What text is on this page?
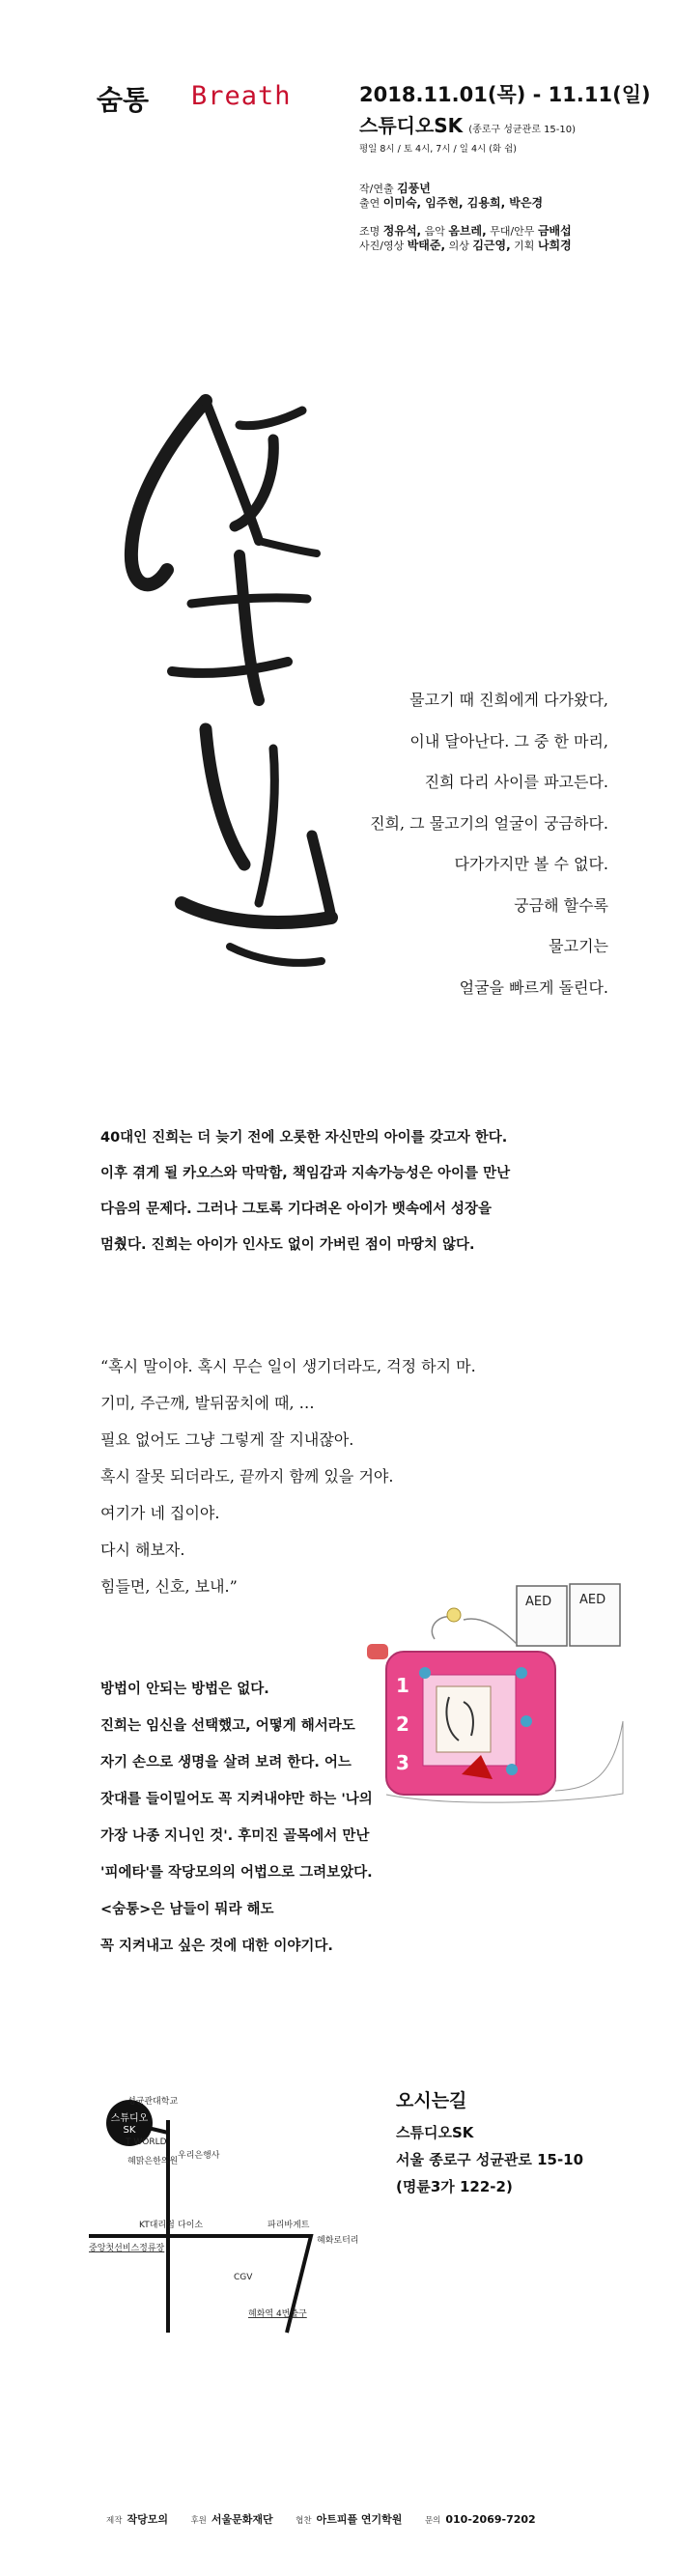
숨통 Breath	2018.11.01(목) - 11.11(일)
스튜디오SK (종로구 성균관로 15-10)
평일 8시 / 토 4시, 7시 / 일 4시 (화 쉼)
작/연출 김풍년
출연 이미숙, 임주현, 김용희, 박은경
조명 정유석, 음악 옴브레, 무대/안무 금배섭
사진/영상 박태준, 의상 김근영, 기획 나희경
물고기 때 진희에게 다가왔다,
이내 달아난다. 그 중 한 마리,
진희 다리 사이를 파고든다.
진희, 그 물고기의 얼굴이 궁금하다.
다가가지만 볼 수 없다.
궁금해 할수록
물고기는
얼굴을 빠르게 돌린다.
40대인 진희는 더 늦기 전에 오롯한 자신만의 아이를 갖고자 한다.
이후 겪게 될 카오스와 막막함, 책임감과 지속가능성은 아이를 만난
다음의 문제다. 그러나 그토록 기다려온 아이가 뱃속에서 성장을
멈췄다. 진희는 아이가 인사도 없이 가버린 점이 마땅치 않다.
“혹시 말이야. 혹시 무슨 일이 생기더라도, 걱정 하지 마.
기미, 주근깨, 발뒤꿈치에 때, …
필요 없어도 그냥 그렇게 잘 지내잖아.
혹시 잘못 되더라도, 끝까지 함께 있을 거야.
여기가 네 집이야.
다시 해보자.
힘들면, 신호, 보내.”
AED AED
1
2
3
방법이 안되는 방법은 없다.
진희는 임신을 선택했고, 어떻게 해서라도
자기 손으로 생명을 살려 보려 한다. 어느
잣대를 들이밀어도 꼭 지켜내야만 하는 '나의
가장 나종 지니인 것'. 후미진 골목에서 만난
'피에타'를 작당모의의 어법으로 그려보았다.
<숨통>은 남들이 뭐라 해도
꼭 지켜내고 싶은 것에 대한 이야기다.
스튜디오
SK
성균관대학교
T WORLD
혜맑은한의원
우리은행사
KT대리점 다이소	파리바게트
혜화로터리
중앙첫선비스정류장
CGV
혜화역 4번출구
오시는길
스튜디오SK
서울 종로구 성균관로 15-10
(명륜3가 122-2)
제작 작당모의	후원 서울문화재단	협찬 아트피플 연기학원	문의 010-2069-7202
